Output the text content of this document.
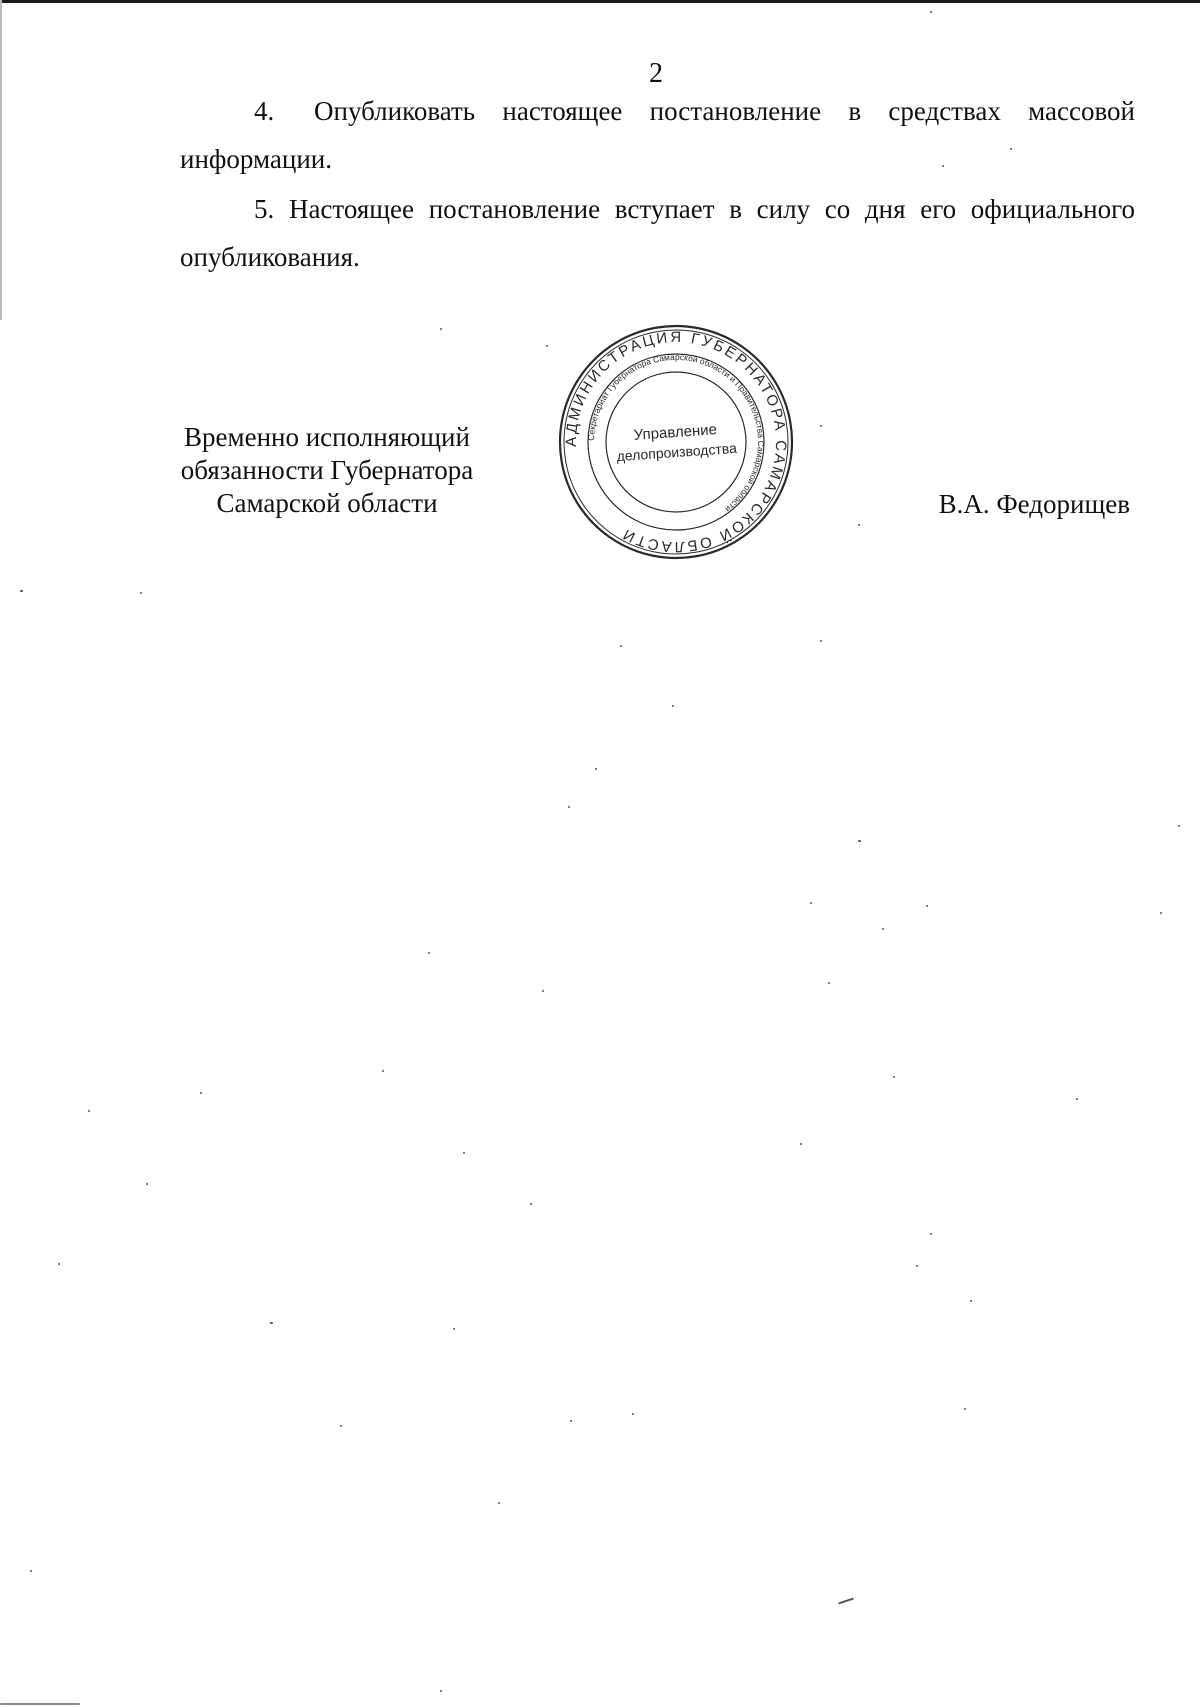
2
4. Опубликовать настоящее постановление в средствах массовой
информации.
5. Настоящее постановление вступает в силу со дня его официального
опубликования.
Временно исполняющий
обязанности Губернатора
Самарской области	В.А. Федорищев
АДМИНИСТРАЦИЯ ГУБЕРНАТОРА САМАРСКОЙ ОБЛАСТИ
Секретариат Губернатора Самарской области и Правительства Самарской области
Управление
делопроизводства
